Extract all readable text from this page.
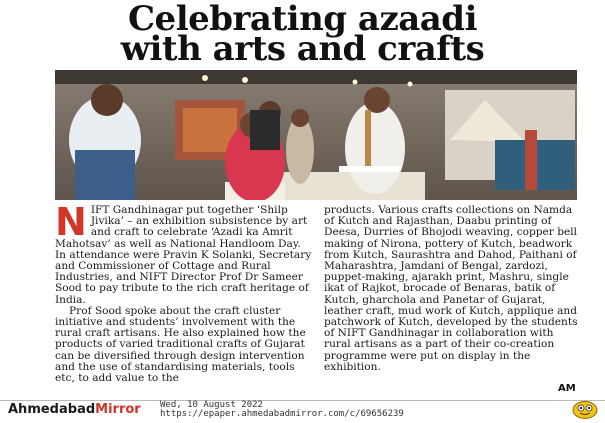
Celebrating azaadi
with arts and crafts

NIFT Gandhinagar put together ‘Shilp Jivika’ – an exhibition subsistence by art and craft to celebrate ‘Azadi ka Amrit Mahotsav’ as well as National Handloom Day. In attendance were Pravin K Solanki, Secretary and Commissioner of Cottage and Rural Industries, and NIFT Director Prof Dr Sameer Sood to pay tribute to the rich craft heritage of India.

Prof Sood spoke about the craft cluster initiative and students’ involvement with the rural craft artisans. He also explained how the products of varied traditional crafts of Gujarat can be diversified through design intervention and the use of standardising materials, tools etc, to add value to the

products. Various crafts collections on Namda of Kutch and Rajasthan, Daabu printing of Deesa, Durries of Bhojodi weaving, copper bell making of Nirona, pottery of Kutch, beadwork from Kutch, Saurashtra and Dahod, Paithani of Maharashtra, Jamdani of Bengal, zardozi, puppet-making, ajarakh print, Mashru, single ikat of Rajkot, brocade of Benaras, batik of Kutch, gharchola and Panetar of Gujarat, leather craft, mud work of Kutch, applique and patchwork of Kutch, developed by the students of NIFT Gandhinagar in collaboration with rural artisans as a part of their co-creation programme were put on display in the exhibition.

AM
AhmedabadMirror Wed, 10 August 2022
https://epaper.ahmedabadmirror.com/c/69656239
